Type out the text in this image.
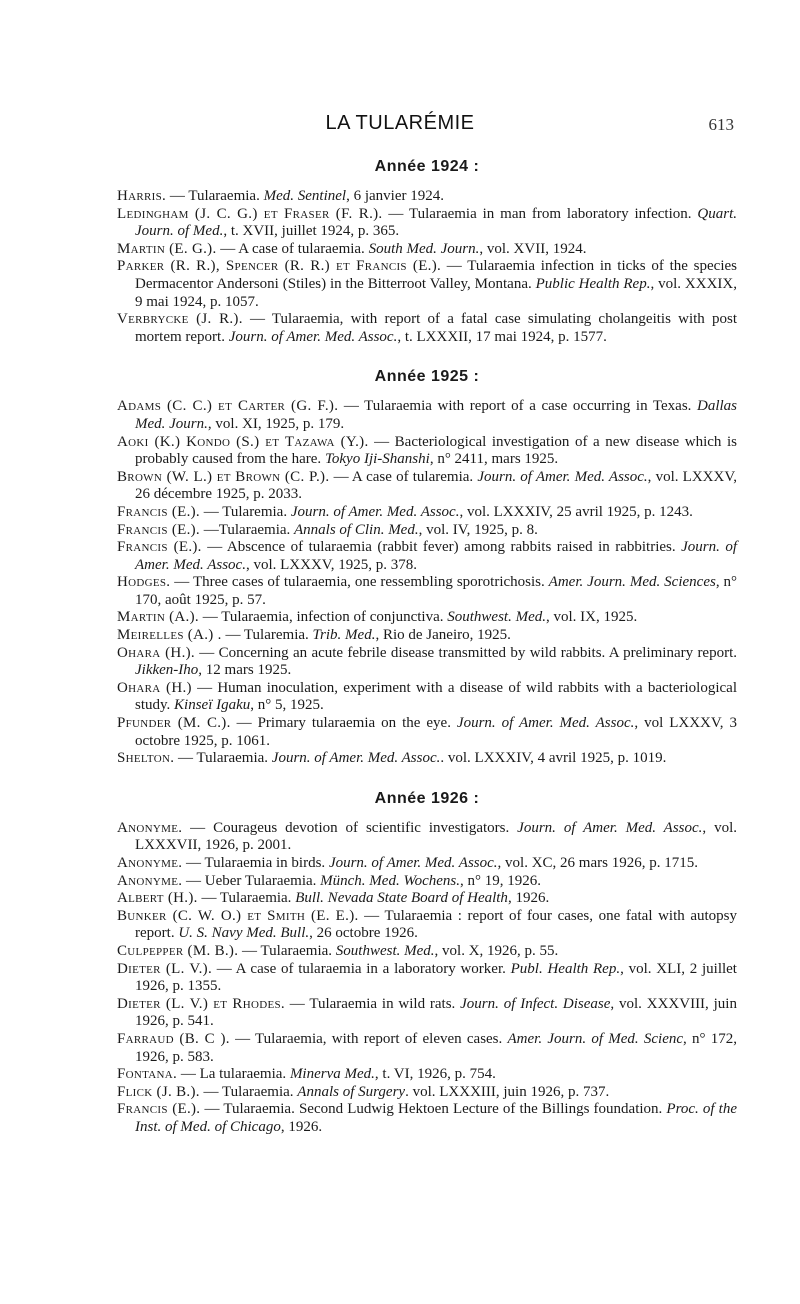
LA TULARÉMIE	613
Année 1924 :

Harris. — Tularaemia. Med. Sentinel, 6 janvier 1924.

Ledingham (J. C. G.) et Fraser (F. R.). — Tularaemia in man from laboratory infection. Quart. Journ. of Med., t. XVII, juillet 1924, p. 365.

Martin (E. G.). — A case of tularaemia. South Med. Journ., vol. XVII, 1924.

Parker (R. R.), Spencer (R. R.) et Francis (E.). — Tularaemia infection in ticks of the species Dermacentor Andersoni (Stiles) in the Bitterroot Valley, Montana. Public Health Rep., vol. XXXIX, 9 mai 1924, p. 1057.

Verbrycke (J. R.). — Tularaemia, with report of a fatal case simulating cholangeitis with post mortem report. Journ. of Amer. Med. Assoc., t. LXXXII, 17 mai 1924, p. 1577.

Année 1925 :

Adams (C. C.) et Carter (G. F.). — Tularaemia with report of a case occurring in Texas. Dallas Med. Journ., vol. XI, 1925, p. 179.

Aoki (K.) Kondo (S.) et Tazawa (Y.). — Bacteriological investigation of a new disease which is probably caused from the hare. Tokyo Iji-Shanshi, n° 2411, mars 1925.

Brown (W. L.) et Brown (C. P.). — A case of tularemia. Journ. of Amer. Med. Assoc., vol. LXXXV, 26 décembre 1925, p. 2033.

Francis (E.). — Tularemia. Journ. of Amer. Med. Assoc., vol. LXXXIV, 25 avril 1925, p. 1243.

Francis (E.). —Tularaemia. Annals of Clin. Med., vol. IV, 1925, p. 8.

Francis (E.). — Abscence of tularaemia (rabbit fever) among rabbits raised in rabbitries. Journ. of Amer. Med. Assoc., vol. LXXXV, 1925, p. 378.

Hodges. — Three cases of tularaemia, one ressembling sporotrichosis. Amer. Journ. Med. Sciences, n° 170, août 1925, p. 57.

Martin (A.). — Tularaemia, infection of conjunctiva. Southwest. Med., vol. IX, 1925.

Meirelles (A.) . — Tularemia. Trib. Med., Rio de Janeiro, 1925.

Ohara (H.). — Concerning an acute febrile disease transmitted by wild rabbits. A preliminary report. Jikken-Iho, 12 mars 1925.

Ohara (H.) — Human inoculation, experiment with a disease of wild rabbits with a bacteriological study. Kinseï Igaku, n° 5, 1925.

Pfunder (M. C.). — Primary tularaemia on the eye. Journ. of Amer. Med. Assoc., vol LXXXV, 3 octobre 1925, p. 1061.

Shelton. — Tularaemia. Journ. of Amer. Med. Assoc.. vol. LXXXIV, 4 avril 1925, p. 1019.

Année 1926 :

Anonyme. — Courageus devotion of scientific investigators. Journ. of Amer. Med. Assoc., vol. LXXXVII, 1926, p. 2001.

Anonyme. — Tularaemia in birds. Journ. of Amer. Med. Assoc., vol. XC, 26 mars 1926, p. 1715.

Anonyme. — Ueber Tularaemia. Münch. Med. Wochens., n° 19, 1926.

Albert (H.). — Tularaemia. Bull. Nevada State Board of Health, 1926.

Bunker (C. W. O.) et Smith (E. E.). — Tularaemia : report of four cases, one fatal with autopsy report. U. S. Navy Med. Bull., 26 octobre 1926.

Culpepper (M. B.). — Tularaemia. Southwest. Med., vol. X, 1926, p. 55.

Dieter (L. V.). — A case of tularaemia in a laboratory worker. Publ. Health Rep., vol. XLI, 2 juillet 1926, p. 1355.

Dieter (L. V.) et Rhodes. — Tularaemia in wild rats. Journ. of Infect. Disease, vol. XXXVIII, juin 1926, p. 541.

Farraud (B. C ). — Tularaemia, with report of eleven cases. Amer. Journ. of Med. Scienc, n° 172, 1926, p. 583.

Fontana. — La tularaemia. Minerva Med., t. VI, 1926, p. 754.

Flick (J. B.). — Tularaemia. Annals of Surgery. vol. LXXXIII, juin 1926, p. 737.

Francis (E.). — Tularaemia. Second Ludwig Hektoen Lecture of the Billings foundation. Proc. of the Inst. of Med. of Chicago, 1926.
